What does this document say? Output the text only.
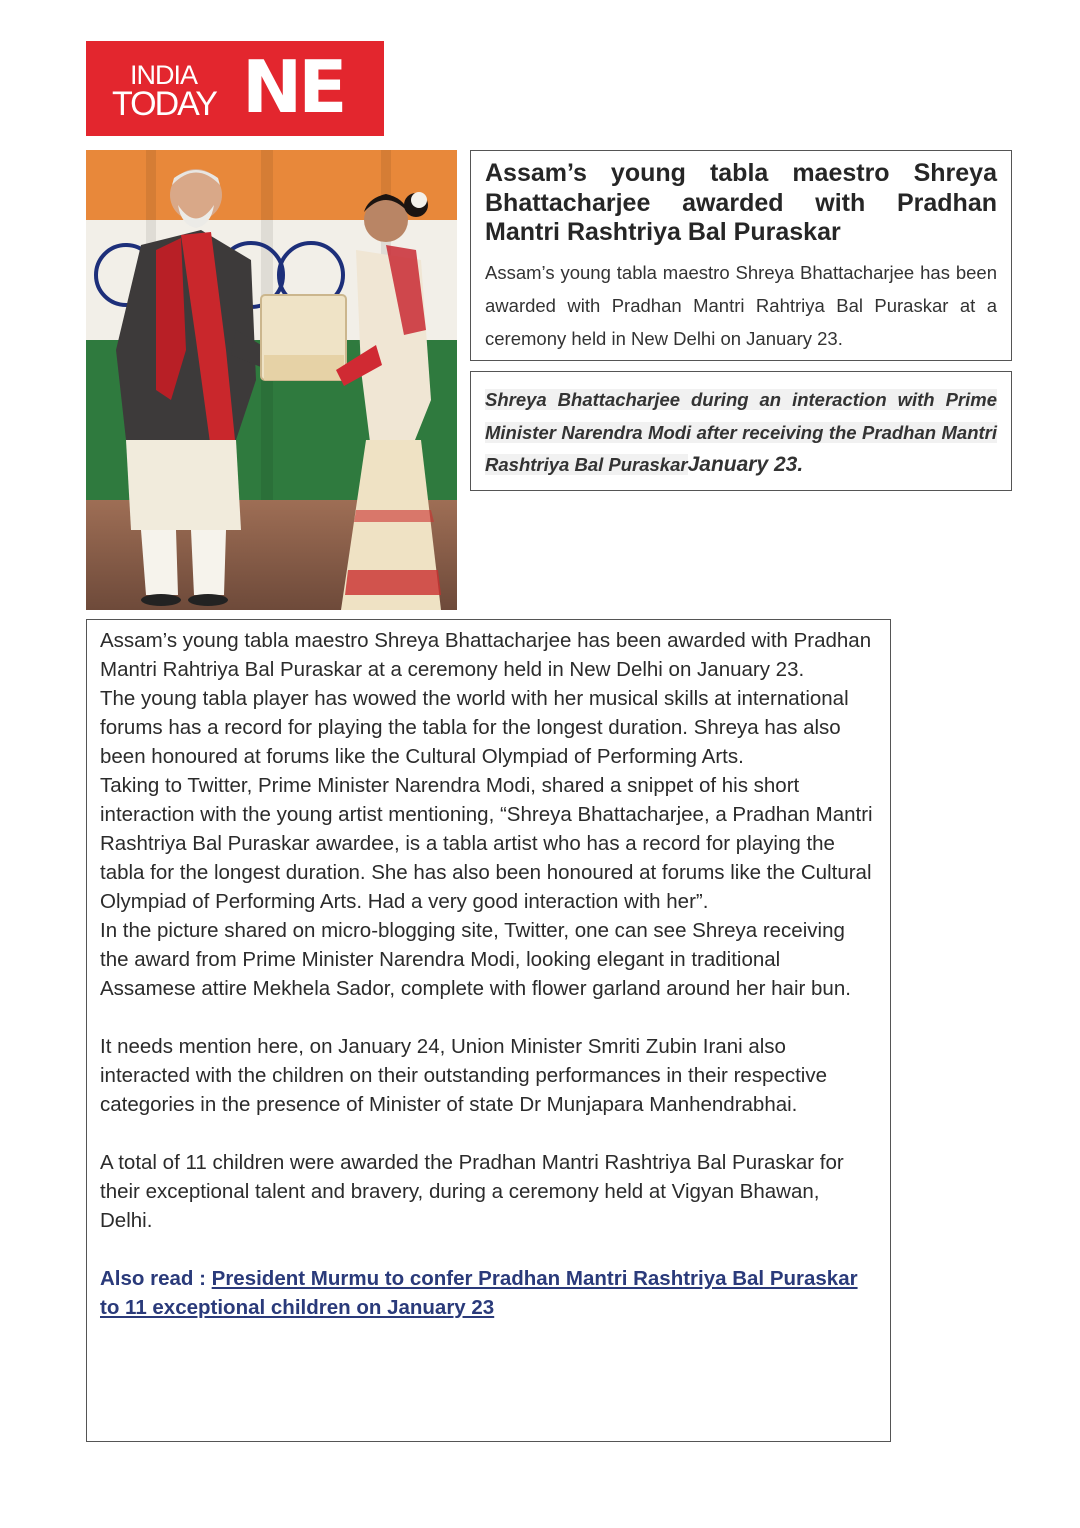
INDIA
TODAY NE
Assam’s young tabla maestro Shreya Bhattacharjee awarded with Pradhan Mantri Rashtriya Bal Puraskar

Assam’s young tabla maestro Shreya Bhattacharjee has been awarded with Pradhan Mantri Rahtriya Bal Puraskar at a ceremony held in New Delhi on January 23.

Shreya Bhattacharjee during an interaction with Prime Minister Narendra Modi after receiving the Pradhan Mantri Rashtriya Bal PuraskarJanuary 23.

Assam’s young tabla maestro Shreya Bhattacharjee has been awarded with Pradhan Mantri Rahtriya Bal Puraskar at a ceremony held in New Delhi on January 23.

The young tabla player has wowed the world with her musical skills at international forums has a record for playing the tabla for the longest duration. Shreya has also been honoured at forums like the Cultural Olympiad of Performing Arts.

Taking to Twitter, Prime Minister Narendra Modi, shared a snippet of his short interaction with the young artist mentioning, “Shreya Bhattacharjee, a Pradhan Mantri Rashtriya Bal Puraskar awardee, is a tabla artist who has a record for playing the tabla for the longest duration. She has also been honoured at forums like the Cultural Olympiad of Performing Arts. Had a very good interaction with her”.

In the picture shared on micro-blogging site, Twitter, one can see Shreya receiving the award from Prime Minister Narendra Modi, looking elegant in traditional Assamese attire Mekhela Sador, complete with flower garland around her hair bun.

It needs mention here, on January 24, Union Minister Smriti Zubin Irani also interacted with the children on their outstanding performances in their respective categories in the presence of Minister of state Dr Munjapara Manhendrabhai.

A total of 11 children were awarded the Pradhan Mantri Rashtriya Bal Puraskar for their exceptional talent and bravery, during a ceremony held at Vigyan Bhawan, Delhi.

Also read : President Murmu to confer Pradhan Mantri Rashtriya Bal Puraskar to 11 exceptional children on January 23
